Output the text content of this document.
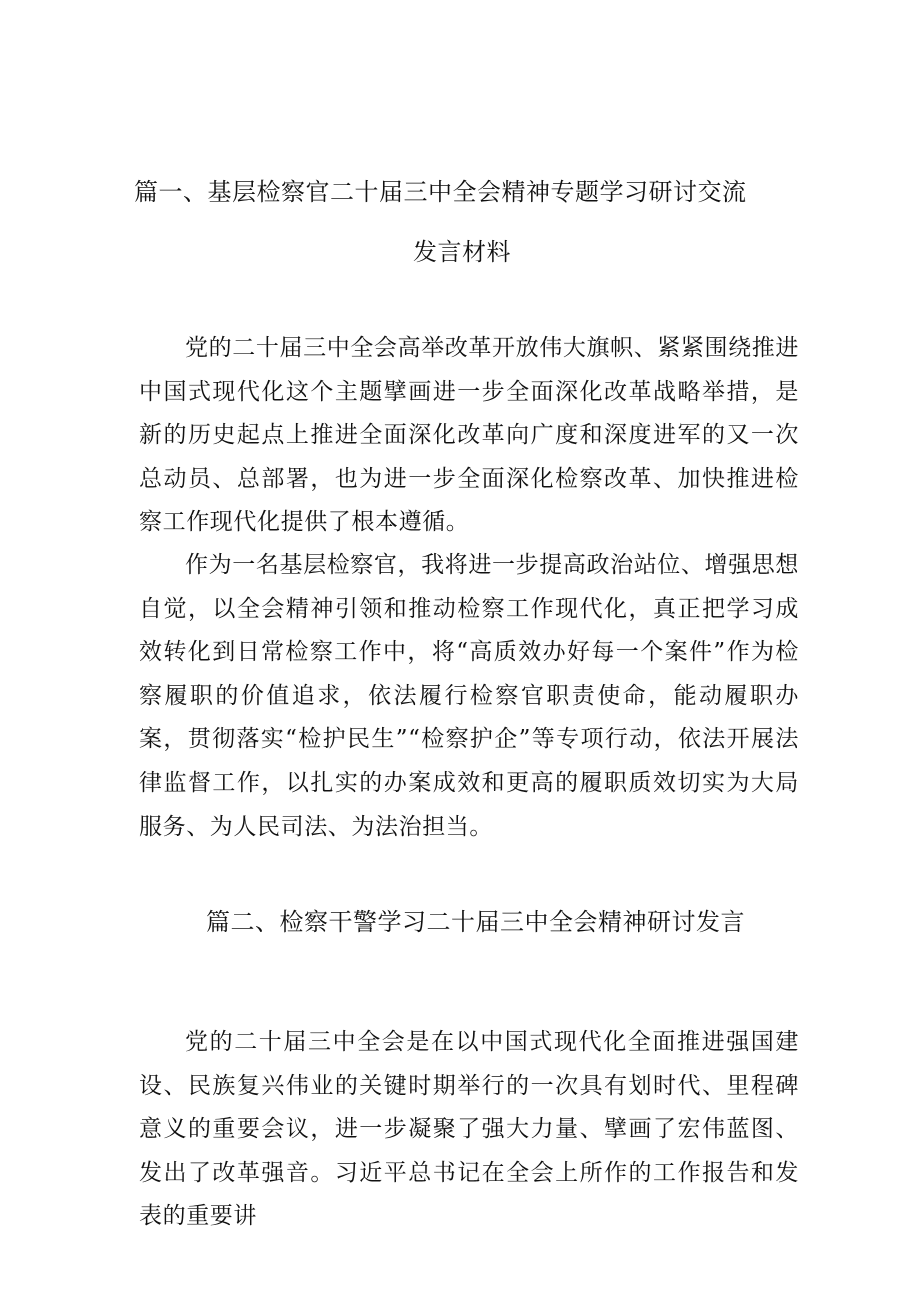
篇一、基层检察官二十届三中全会精神专题学习研讨交流
发言材料

党的二十届三中全会高举改革开放伟大旗帜、紧紧围绕推进中国式现代化这个主题擘画进一步全面深化改革战略举措，是新的历史起点上推进全面深化改革向广度和深度进军的又一次总动员、总部署，也为进一步全面深化检察改革、加快推进检察工作现代化提供了根本遵循。

作为一名基层检察官，我将进一步提高政治站位、增强思想自觉，以全会精神引领和推动检察工作现代化，真正把学习成效转化到日常检察工作中，将“高质效办好每一个案件”作为检察履职的价值追求，依法履行检察官职责使命，能动履职办案，贯彻落实“检护民生”“检察护企”等专项行动，依法开展法律监督工作，以扎实的办案成效和更高的履职质效切实为大局服务、为人民司法、为法治担当。

篇二、检察干警学习二十届三中全会精神研讨发言

党的二十届三中全会是在以中国式现代化全面推进强国建设、民族复兴伟业的关键时期举行的一次具有划时代、里程碑意义的重要会议，进一步凝聚了强大力量、擘画了宏伟蓝图、发出了改革强音。习近平总书记在全会上所作的工作报告和发表的重要讲
